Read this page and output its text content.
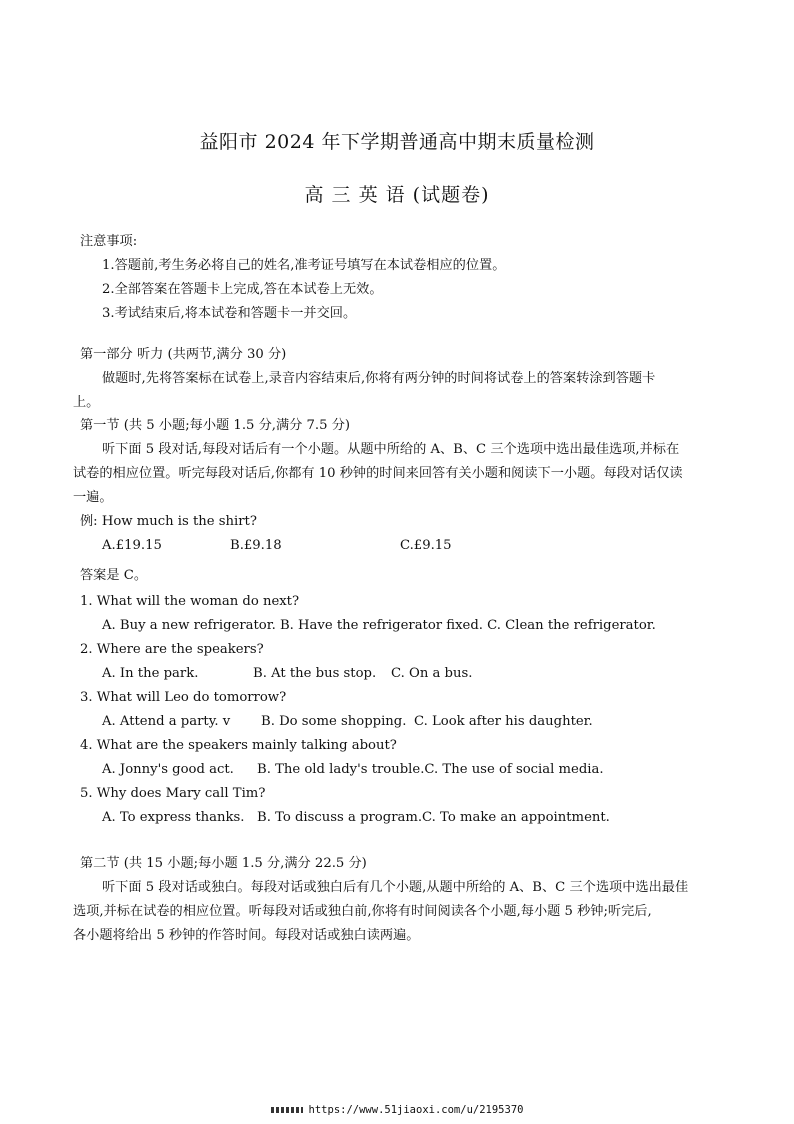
益阳市 2024 年下学期普通高中期末质量检测
高 三 英 语 (试题卷)
注意事项:
1.答题前,考生务必将自己的姓名,准考证号填写在本试卷相应的位置。
2.全部答案在答题卡上完成,答在本试卷上无效。
3.考试结束后,将本试卷和答题卡一并交回。
第一部分 听力 (共两节,满分 30 分)
做题时,先将答案标在试卷上,录音内容结束后,你将有两分钟的时间将试卷上的答案转涂到答题卡
上。
第一节 (共 5 小题;每小题 1.5 分,满分 7.5 分)
听下面 5 段对话,每段对话后有一个小题。从题中所给的 A、B、C 三个选项中选出最佳选项,并标在
试卷的相应位置。听完每段对话后,你都有 10 秒钟的时间来回答有关小题和阅读下一小题。每段对话仅读
一遍。
例: How much is the shirt?
A.£19.15	B.£9.18	C.£9.15
答案是 C。
1. What will the woman do next?
A. Buy a new refrigerator. B. Have the refrigerator fixed. C. Clean the refrigerator.
2. Where are the speakers?
A. In the park.	B. At the bus stop. C. On a bus.
3. What will Leo do tomorrow?
A. Attend a party. v B. Do some shopping. C. Look after his daughter.
4. What are the speakers mainly talking about?
A. Jonny's good act. B. The old lady's trouble.C. The use of social media.
5. Why does Mary call Tim?
A. To express thanks. B. To discuss a program.C. To make an appointment.
第二节 (共 15 小题;每小题 1.5 分,满分 22.5 分)
听下面 5 段对话或独白。每段对话或独白后有几个小题,从题中所给的 A、B、C 三个选项中选出最佳
选项,并标在试卷的相应位置。听每段对话或独白前,你将有时间阅读各个小题,每小题 5 秒钟;听完后,
各小题将给出 5 秒钟的作答时间。每段对话或独白读两遍。
https://www.51jiaoxi.com/u/2195370
